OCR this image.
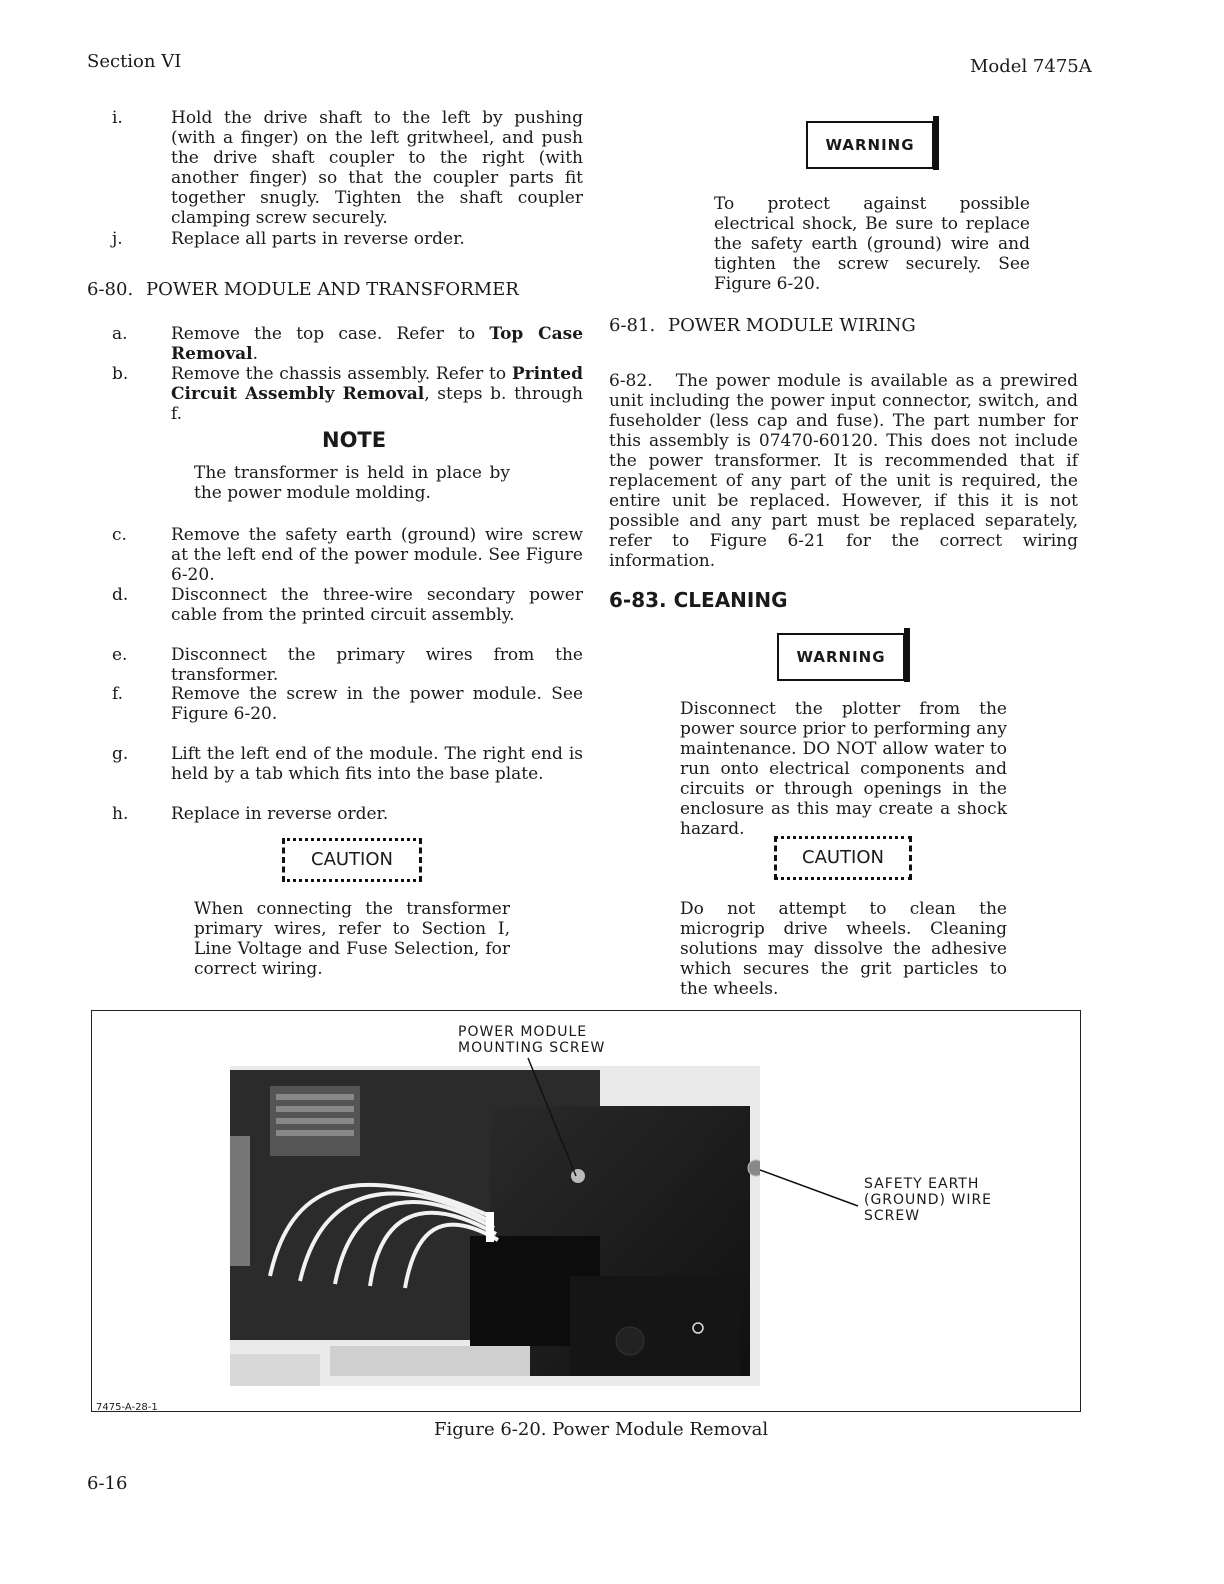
Section VI	Model 7475A
i.	Hold the drive shaft to the left by pushing (with a finger) on the left gritwheel, and push the drive shaft coupler to the right (with another finger) so that the coupler parts fit together snugly. Tighten the shaft coupler clamping screw securely.
j.	Replace all parts in reverse order.
6-80. POWER MODULE AND TRANSFORMER
a.	Remove the top case. Refer to Top Case Removal.
b.	Remove the chassis assembly. Refer to Printed Circuit Assembly Removal, steps b. through f.
NOTE
The transformer is held in place by the power module molding.
c.	Remove the safety earth (ground) wire screw at the left end of the power module. See Figure 6-20.
d.	Disconnect the three-wire secondary power cable from the printed circuit assembly.
e.	Disconnect the primary wires from the transformer.
f.	Remove the screw in the power module. See Figure 6-20.
g.	Lift the left end of the module. The right end is held by a tab which fits into the base plate.
h.	Replace in reverse order.
CAUTION
When connecting the transformer primary wires, refer to Section I, Line Voltage and Fuse Selection, for correct wiring.
WARNING
To protect against possible electrical shock, Be sure to replace the safety earth (ground) wire and tighten the screw securely. See Figure 6-20.
6-81. POWER MODULE WIRING
6-82. The power module is available as a prewired unit including the power input connector, switch, and fuseholder (less cap and fuse). The part number for this assembly is 07470-60120. This does not include the power transformer. It is recommended that if replacement of any part of the unit is required, the entire unit be replaced. However, if this it is not possible and any part must be replaced separately, refer to Figure 6-21 for the correct wiring information.
6-83. CLEANING
WARNING
Disconnect the plotter from the power source prior to performing any maintenance. DO NOT allow water to run onto electrical components and circuits or through openings in the enclosure as this may create a shock hazard.
CAUTION
Do not attempt to clean the microgrip drive wheels. Cleaning solutions may dissolve the adhesive which secures the grit particles to the wheels.
POWER MODULE
MOUNTING SCREW
SAFETY EARTH
(GROUND) WIRE
SCREW
7475-A-28-1
Figure 6-20. Power Module Removal
6-16
